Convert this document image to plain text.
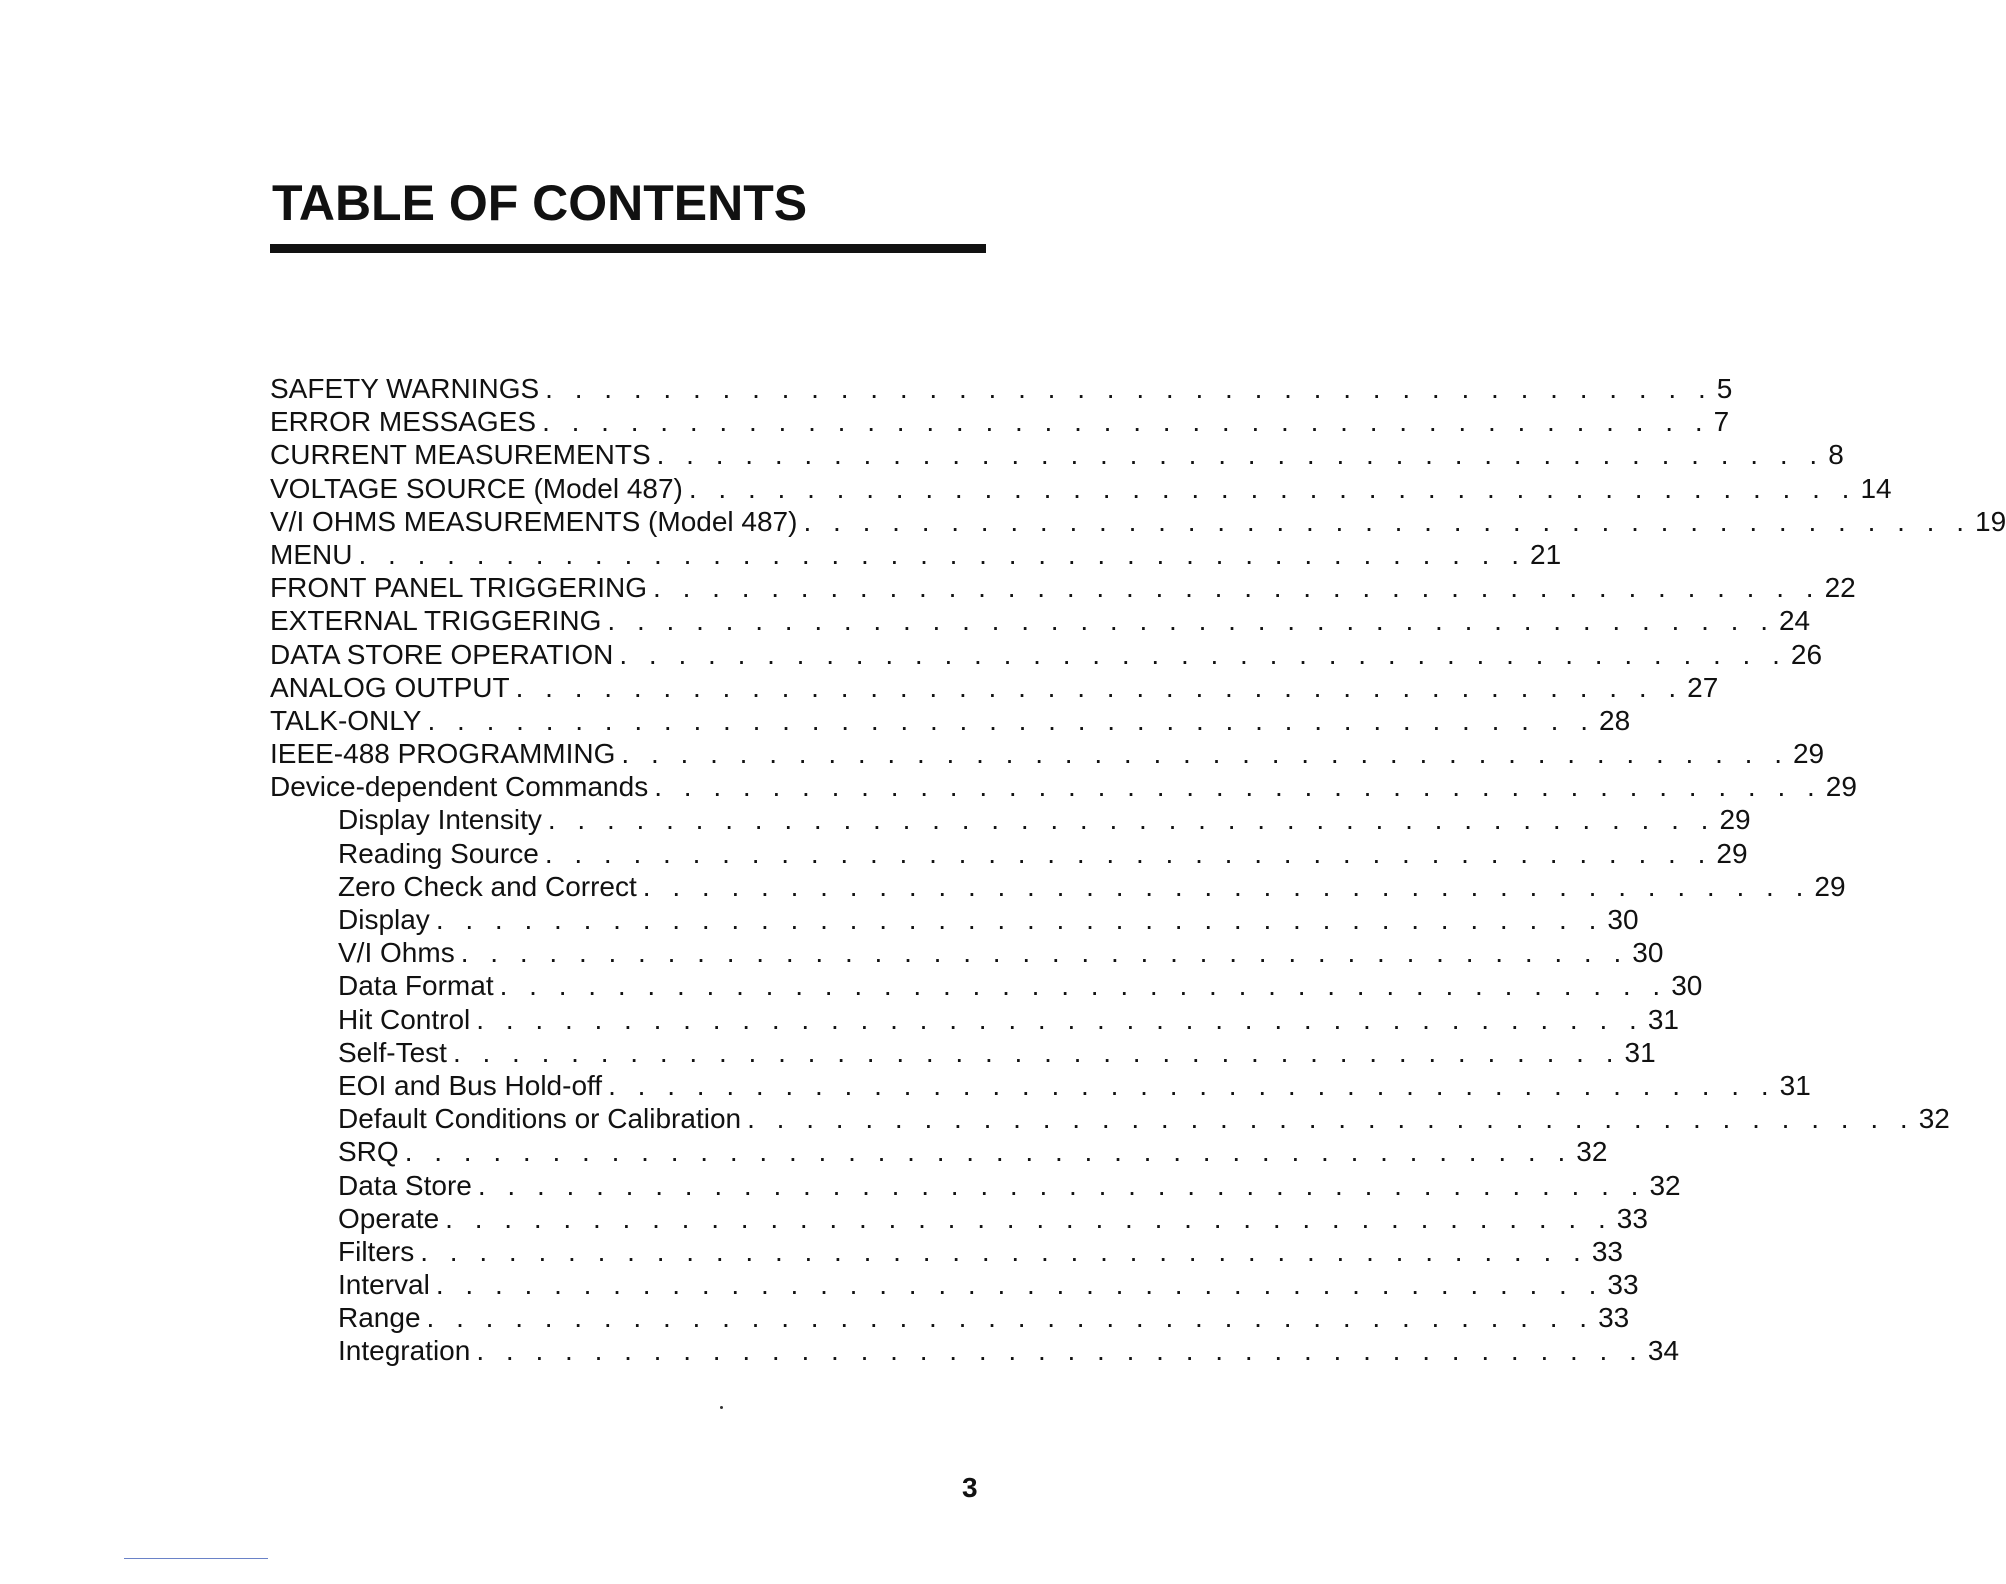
TABLE OF CONTENTS
SAFETY WARNINGS . . . . . . . . . . . . . . . . . . . . . . . . . . . . . . . . . . . . . . . . 5
ERROR MESSAGES . . . . . . . . . . . . . . . . . . . . . . . . . . . . . . . . . . . . . . . . 7
CURRENT MEASUREMENTS . . . . . . . . . . . . . . . . . . . . . . . . . . . . . . . . . . . . . . . . 8
VOLTAGE SOURCE (Model 487) . . . . . . . . . . . . . . . . . . . . . . . . . . . . . . . . . . . . . . . . 14
V/I OHMS MEASUREMENTS (Model 487) . . . . . . . . . . . . . . . . . . . . . . . . . . . . . . . . . . . . . . . . 19
MENU . . . . . . . . . . . . . . . . . . . . . . . . . . . . . . . . . . . . . . . . 21
FRONT PANEL TRIGGERING . . . . . . . . . . . . . . . . . . . . . . . . . . . . . . . . . . . . . . . . 22
EXTERNAL TRIGGERING . . . . . . . . . . . . . . . . . . . . . . . . . . . . . . . . . . . . . . . . 24
DATA STORE OPERATION . . . . . . . . . . . . . . . . . . . . . . . . . . . . . . . . . . . . . . . . 26
ANALOG OUTPUT . . . . . . . . . . . . . . . . . . . . . . . . . . . . . . . . . . . . . . . . 27
TALK-ONLY . . . . . . . . . . . . . . . . . . . . . . . . . . . . . . . . . . . . . . . . 28
IEEE-488 PROGRAMMING . . . . . . . . . . . . . . . . . . . . . . . . . . . . . . . . . . . . . . . . 29
Device-dependent Commands . . . . . . . . . . . . . . . . . . . . . . . . . . . . . . . . . . . . . . . . 29
Display Intensity . . . . . . . . . . . . . . . . . . . . . . . . . . . . . . . . . . . . . . . . 29
Reading Source . . . . . . . . . . . . . . . . . . . . . . . . . . . . . . . . . . . . . . . . 29
Zero Check and Correct . . . . . . . . . . . . . . . . . . . . . . . . . . . . . . . . . . . . . . . . 29
Display . . . . . . . . . . . . . . . . . . . . . . . . . . . . . . . . . . . . . . . . 30
V/I Ohms . . . . . . . . . . . . . . . . . . . . . . . . . . . . . . . . . . . . . . . . 30
Data Format . . . . . . . . . . . . . . . . . . . . . . . . . . . . . . . . . . . . . . . . 30
Hit Control . . . . . . . . . . . . . . . . . . . . . . . . . . . . . . . . . . . . . . . . 31
Self-Test . . . . . . . . . . . . . . . . . . . . . . . . . . . . . . . . . . . . . . . . 31
EOI and Bus Hold-off . . . . . . . . . . . . . . . . . . . . . . . . . . . . . . . . . . . . . . . . 31
Default Conditions or Calibration . . . . . . . . . . . . . . . . . . . . . . . . . . . . . . . . . . . . . . . . 32
SRQ . . . . . . . . . . . . . . . . . . . . . . . . . . . . . . . . . . . . . . . . 32
Data Store . . . . . . . . . . . . . . . . . . . . . . . . . . . . . . . . . . . . . . . . 32
Operate . . . . . . . . . . . . . . . . . . . . . . . . . . . . . . . . . . . . . . . . 33
Filters . . . . . . . . . . . . . . . . . . . . . . . . . . . . . . . . . . . . . . . . 33
Interval . . . . . . . . . . . . . . . . . . . . . . . . . . . . . . . . . . . . . . . . 33
Range . . . . . . . . . . . . . . . . . . . . . . . . . . . . . . . . . . . . . . . . 33
Integration . . . . . . . . . . . . . . . . . . . . . . . . . . . . . . . . . . . . . . . . 34
3
